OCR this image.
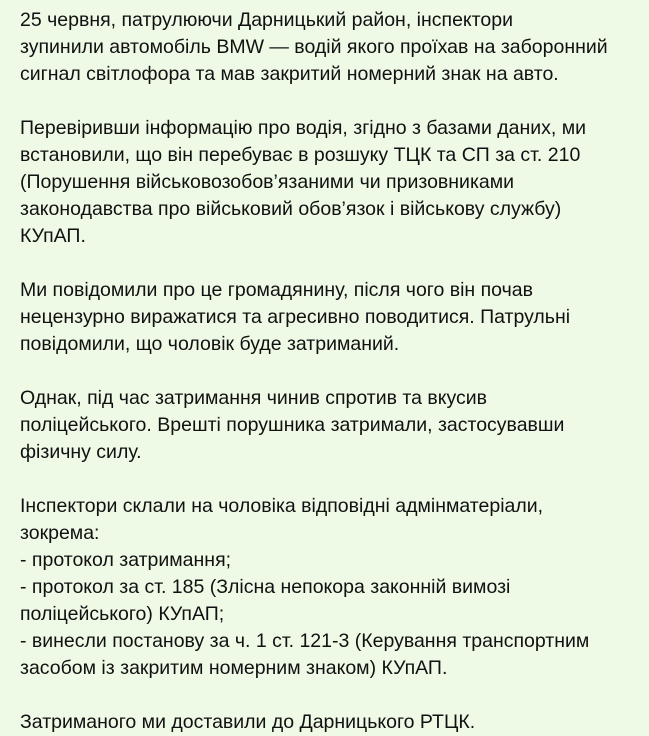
25 червня, патрулюючи Дарницький район, інспектори
зупинили автомобіль BMW — водій якого проїхав на заборонний
сигнал світлофора та мав закритий номерний знак на авто.
Перевіривши інформацію про водія, згідно з базами даних, ми
встановили, що він перебуває в розшуку ТЦК та СП за ст. 210
(Порушення військовозобов’язаними чи призовниками
законодавства про військовий обов’язок і військову службу)
КУпАП.
Ми повідомили про це громадянину, після чого він почав
нецензурно виражатися та агресивно поводитися. Патрульні
повідомили, що чоловік буде затриманий.
Однак, під час затримання чинив спротив та вкусив
поліцейського. Врешті порушника затримали, застосувавши
фізичну силу.
Інспектори склали на чоловіка відповідні адмінматеріали,
зокрема:
- протокол затримання;
- протокол за ст. 185 (Злісна непокора законній вимозі
поліцейського) КУпАП;
- винесли постанову за ч. 1 ст. 121-3 (Керування транспортним
засобом із закритим номерним знаком) КУпАП.
Затриманого ми доставили до Дарницького РТЦК.
